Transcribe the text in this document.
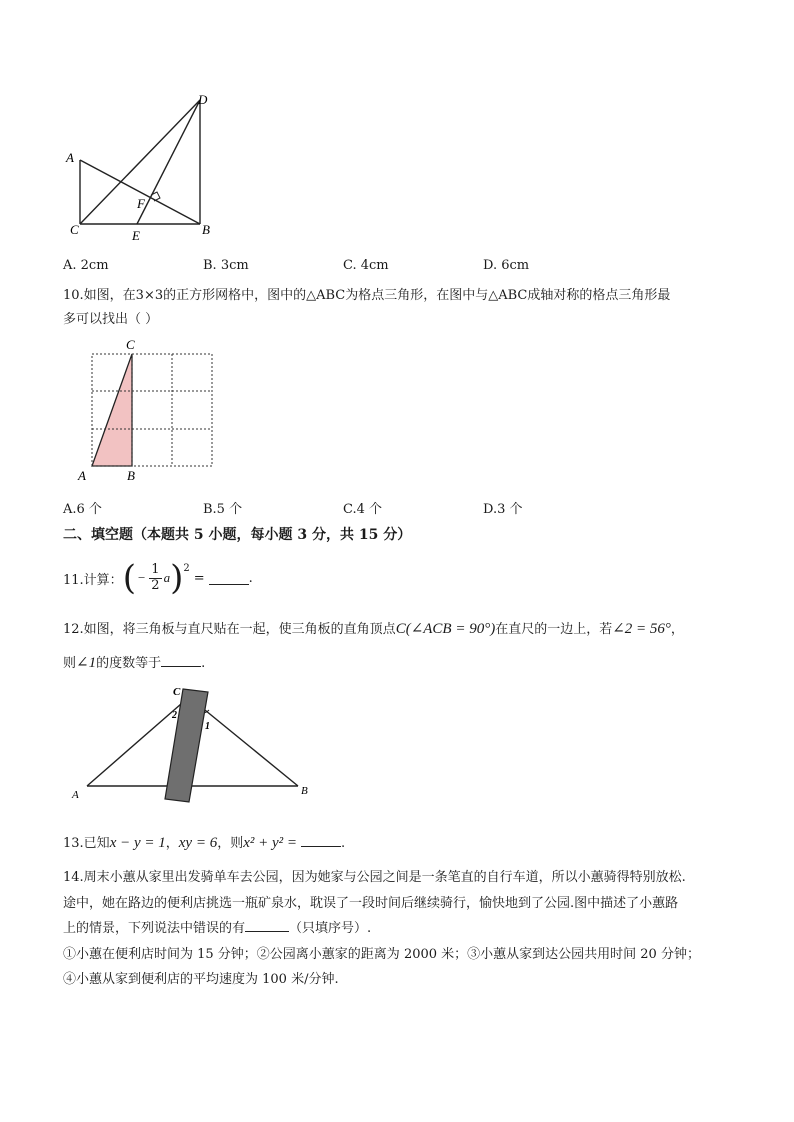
D
A
C	B
E
F
A. 2cm	B. 3cm	C. 4cm	D. 6cm
10.如图，在3×3的正方形网格中，图中的△ABC为格点三角形，在图中与△ABC成轴对称的格点三角形最
多可以找出（ ）
C
A	B
A.6 个	B.5 个	C.4 个	D.3 个
二、填空题（本题共 5 小题，每小题 3 分，共 15 分）
11.计算： ( − $\frac{1}{2}$ a ) 2
=	.
12.如图，将三角板与直尺贴在一起，使三角板的直角顶点C(∠ACB = 90°)在直尺的一边上，若∠2 = 56°，
则∠1的度数等于	.
C
2
1
A	B
13.已知x − y = 1，xy = 6，则x² + y² =	.
14.周末小蕙从家里出发骑单车去公园，因为她家与公园之间是一条笔直的自行车道，所以小蕙骑得特别放松.
途中，她在路边的便利店挑选一瓶矿泉水，耽误了一段时间后继续骑行，愉快地到了公园.图中描述了小蕙路
上的情景，下列说法中错误的有	（只填序号）.
①小蕙在便利店时间为 15 分钟；②公园离小蕙家的距离为 2000 米；③小蕙从家到达公园共用时间 20 分钟；
④小蕙从家到便利店的平均速度为 100 米/分钟.
